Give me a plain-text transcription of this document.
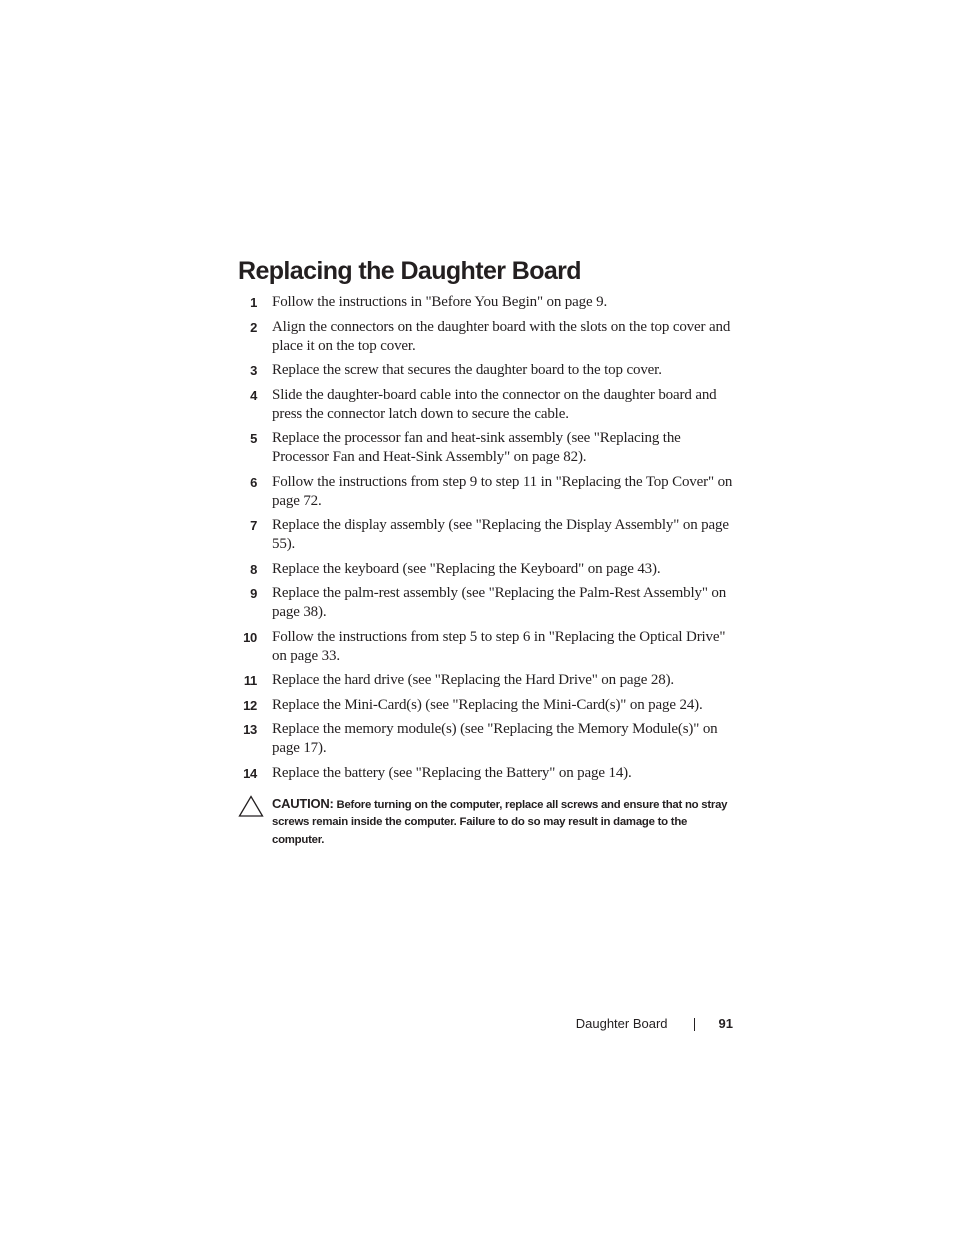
Replacing the Daughter Board
1 Follow the instructions in "Before You Begin" on page 9.
2 Align the connectors on the daughter board with the slots on the top cover and place it on the top cover.
3 Replace the screw that secures the daughter board to the top cover.
4 Slide the daughter-board cable into the connector on the daughter board and press the connector latch down to secure the cable.
5 Replace the processor fan and heat-sink assembly (see "Replacing the Processor Fan and Heat-Sink Assembly" on page 82).
6 Follow the instructions from step 9 to step 11 in "Replacing the Top Cover" on page 72.
7 Replace the display assembly (see "Replacing the Display Assembly" on page 55).
8 Replace the keyboard (see "Replacing the Keyboard" on page 43).
9 Replace the palm-rest assembly (see "Replacing the Palm-Rest Assembly" on page 38).
10 Follow the instructions from step 5 to step 6 in "Replacing the Optical Drive" on page 33.
11 Replace the hard drive (see "Replacing the Hard Drive" on page 28).
12 Replace the Mini-Card(s) (see "Replacing the Mini-Card(s)" on page 24).
13 Replace the memory module(s) (see "Replacing the Memory Module(s)" on page 17).
14 Replace the battery (see "Replacing the Battery" on page 14).

CAUTION: Before turning on the computer, replace all screws and ensure that no stray screws remain inside the computer. Failure to do so may result in damage to the computer.

Daughter Board	91
